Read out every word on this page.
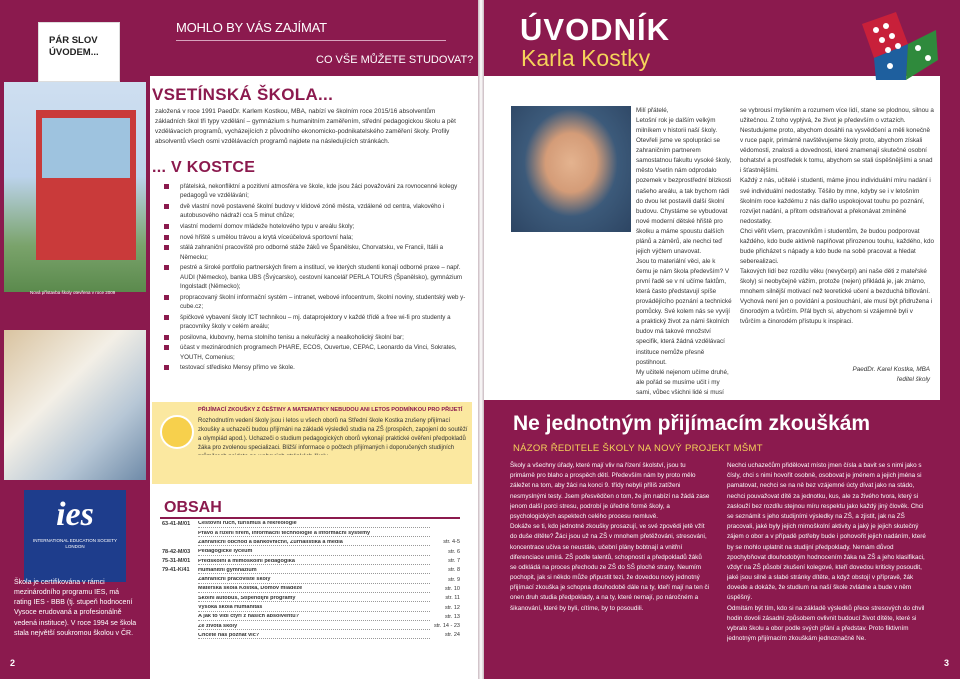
PÁR SLOV ÚVODEM...
MOHLO BY VÁS ZAJÍMAT
CO VŠE MŮŽETE STUDOVAT?
ÚVODNÍK
Karla Kostky
Nová přístavba školy otevřena v roce 2009
ies
INTERNATIONAL EDUCATION SOCIETY LONDON
Škola je certifikována v rámci mezinárodního programu IES, má rating IES - BBB (tj. stupeň hodnocení Vysoce erudovaná a profesionálně vedená instituce). V roce 1994 se škola stala největší soukromou školou v ČR.
2
VSETÍNSKÁ ŠKOLA...
založená v roce 1991 PaedDr. Karlem Kostkou, MBA, nabízí ve školním roce 2015/16 absolventům základních škol tři typy vzdělání – gymnázium s humanitním zaměřením, střední pedagogickou školu a pět vzdělávacích programů, vycházejících z původního ekonomicko-podnikatelského zaměření školy. Profily absolventů všech osmi vzdělávacích programů najdete na následujících stránkách.
... V KOSTCE
přátelská, nekonfliktní a pozitivní atmosféra ve škole, kde jsou žáci považováni za rovnocenné kolegy pedagogů ve vzdělávání;
dvě vlastní nově postavené školní budovy v klidové zóně města, vzdálené od centra, vlakového i autobusového nádraží cca 5 minut chůze;
vlastní moderní domov mládeže hotelového typu v areálu školy;
nové hřiště s umělou trávou a krytá víceúčelová sportovní hala;
stálá zahraniční pracoviště pro odborné stáže žáků ve Španělsku, Chorvatsku, ve Francii, Itálii a Německu;
pestré a široké portfolio partnerských firem a institucí, ve kterých studenti konají odborné praxe – např. AUDI (Německo), banka UBS (Švýcarsko), cestovní kancelář PERLA TOURS (Španělsko), gymnázium Ingolstadt (Německo);
propracovaný školní informační systém – intranet, webové infocentrum, školní noviny, studentský web y-cube.cz;
špičkové vybavení školy ICT technikou – mj. dataprojektory v každé třídě a free wi-fi pro studenty a pracovníky školy v celém areálu;
posilovna, klubovny, herna stolního tenisu a nekuřácký a nealkoholický školní bar;
účast v mezinárodních programech PHARE, ECOS, Ouvertue, CEPAC, Leonardo da Vinci, Sokrates, YOUTH, Comenius;
testovací středisko Mensy přímo ve škole.
PŘIJÍMACÍ ZKOUŠKY Z ČEŠTINY A MATEMATIKY NEBUDOU ANI LETOS PODMÍNKOU PRO PŘIJETÍ
Rozhodnutím vedení školy jsou i letos u všech oborů na Střední škole Kostka zrušeny přijímací zkoušky a uchazeči budou přijímáni na základě výsledků studia na ZŠ (prospěch, zapojení do soutěží a olympiád apod.). Uchazeči o studium pedagogických oborů vykonají praktické ověření předpokladů žáka pro zvolenou specializaci. Bližší informace o počtech přijímaných i doporučených studijních
OBSAH
63-41-M/01	Cestovní ruch, turismus a rekreologie
Právo a řízení firem, Informační technologie a informační systémy
Zahraniční obchod a bankovnictví, Žurnalistika a média	str. 4-5
78-42-M/03	Pedagogické lyceum	str. 6
75-31-M/01	Předškolní a mimoškolní pedagogika	str. 7
79-41-K/41	Humanitní gymnázium	str. 8
Zahraniční pracoviště školy	str. 9
Mateřská škola Kostka, Domov mládeže	str. 10
Školní autobus, Stipendijní programy	str. 11
Vysoká škola Humanitas	str. 12
A jak to vidí čtyři z našich absolventů?	str. 13
Ze života školy	str. 14 - 23
Chcete nás poznat víc?	str. 24
Milí přátelé,
Letošní rok je dalším velkým milníkem v historii naší školy.
Otevřeli jsme ve spolupráci se zahraničním partnerem samostatnou fakultu vysoké školy, město Vsetín nám odprodalo pozemek v bezprostřední blízkosti našeho areálu, a tak bychom rádi do dvou let postavili další školní budovu. Chystáme se vybudovat nové moderní dětské hřiště pro školku a máme spoustu dalších plánů a záměrů, ale nechci teď jejich výčtem unavovat.
Jsou to materiální věci, ale k čemu je nám škola především? V první řadě se v ní učíme faktům, která často představují spíše provádějícího poznání a technické pomůcky. Své kolem nás se vyvíjí a praktický život za námi školních budov má takové množství specifik, která žádná vzdělávací instituce nemůže přesně postihnout.
My učitelé nejenom učíme druhé, ale pořád se musíme učit i my sami, vůbec všichni lidé si musí
se vybrousí myšlením a rozumem více lidí, stane se plodnou, silnou a užitečnou. Z toho vyplývá, že život je především o vztazích.
Nestudujeme proto, abychom dosáhli na vysvědčení a měli konečně v ruce papír, primárně navštěvujeme školy proto, abychom získali vědomosti, znalosti a dovednosti, které znamenají skutečné osobní bohatství a prostředek k tomu, abychom se stali úspěšnějšími a snad i šťastnějšími.
Každý z nás, učitelé i studenti, máme jinou individuální míru nadání i své individuální nedostatky. Těšilo by mne, kdyby se i v letošním školním roce každému z nás dařilo uspokojovat touhu po poznání, rozvíjet nadání, a přitom odstraňovat a překonávat zmíněné nedostatky.
Chci věřit všem, pracovníkům i studentům, že budou podporovat každého, kdo bude aktivně naplňovat přirozenou touhu, každého, kdo bude přicházet s nápady a kdo bude na sobě pracovat a hledat seberealizaci.
Takových lidí bez rozdílu věku (nevyčerpí) ani naše děti z mateřské školy) si neobyčejně vážím, protože (nejen) přikládá je, jak známo, mnohem silnější motivací než teoretické učení a bezduchá biflování. Vychová není jen o povídání a poslouchání, ale musí být přidružena i činorodým a tvůrčím. Přál bych si, abychom si vzájemně byli v tvůrčím a činorodém přístupu k inspiraci.
PaedDr. Karel Kostka, MBA
ředitel školy
Ne jednotným přijímacím zkouškám
NÁZOR ŘEDITELE ŠKOLY NA NOVÝ PROJEKT MŠMT
Školy a všechny úřady, které mají vliv na řízení školství, jsou tu primárně pro blaho a prospěch dětí. Především nám by proto mělo záležet na tom, aby žáci na konci 9. třídy nebyli příliš zatíženi nesmyslnými testy. Jsem přesvědčen o tom, že jim nabízí na žádá zase jenom další porci stresu, podrobí je úředně formě školy, a psychologických aspektech celého procesu nemluvě.
Dokáže se ti, kdo jednotné zkoušky prosazují, ve své zpovědi jetě vžít do duše dítěte? Žáci jsou už na ZŠ v mnohem přetěžováni, stresováni, koncentrace učiva se neustále, učební plány bobtnají a vnitřní diferenciace umírá. ZŠ podle talentů, schopností a předpokladů žáků se odkládá na proces přechodu ze ZŠ do SŠ ploché strany. Neumím pochopit, jak si někdo může připustit tezi, že dovedou nový jednotný přijímací zkouška je schopna dlouhodobě dále na ty, kteří mají na ten či onen druh studia předpoklady, a na ty, které nemají, po náročném a šikanování, které by byli, cítíme, by to posoudili.
Nechci uchazečům přidělovat místo jmen čísla a bavit se s nimi jako s čísly, chci s nimi hovořit osobně, osobovat je jménem a jejich jména si pamatovat, nechci se na ně bez vzájemné úcty dívat jako na stádo, nechci pouvažovat dítě za jednotku, kus, ale za živého tvora, který si zaslouží bez rozdílu stejnou míru respektu jako každý jiný člověk. Chci se seznámit s jeho studijními výsledky na ZŠ, a zjistit, jak na ZŠ pracovali, jaké byly jejich mimoškolní aktivity a jaký je jejich skutečný zájem o obor a v případě potřeby bude i pohovořit jejich nadáním, které by se mohlo uplatnit na studijní předpoklady. Nemám důvod zpochybňovat dlouhodobým hodnocením žáka na ZŠ a jeho klasifikaci, vždyť na ZŠ působí zkušení kolegové, kteří dovedou kriticky posoudit, jaké jsou silné a slabé stránky dítěte, a když obstojí v přípravě, žák dovede a dokáže, že studium na naší škole zvládne a bude v něm úspěšný.
Odmítám být tím, kdo si na základě výsledků přece stresových do chvil hodin dovoli zásadní způsobem ovlivnit budoucí život dítěte, které si vybralo školu a obor podle svých přání a představ. Proto fiktivním jednotným přijímacím zkouškám jednoznačně Ne.
3
